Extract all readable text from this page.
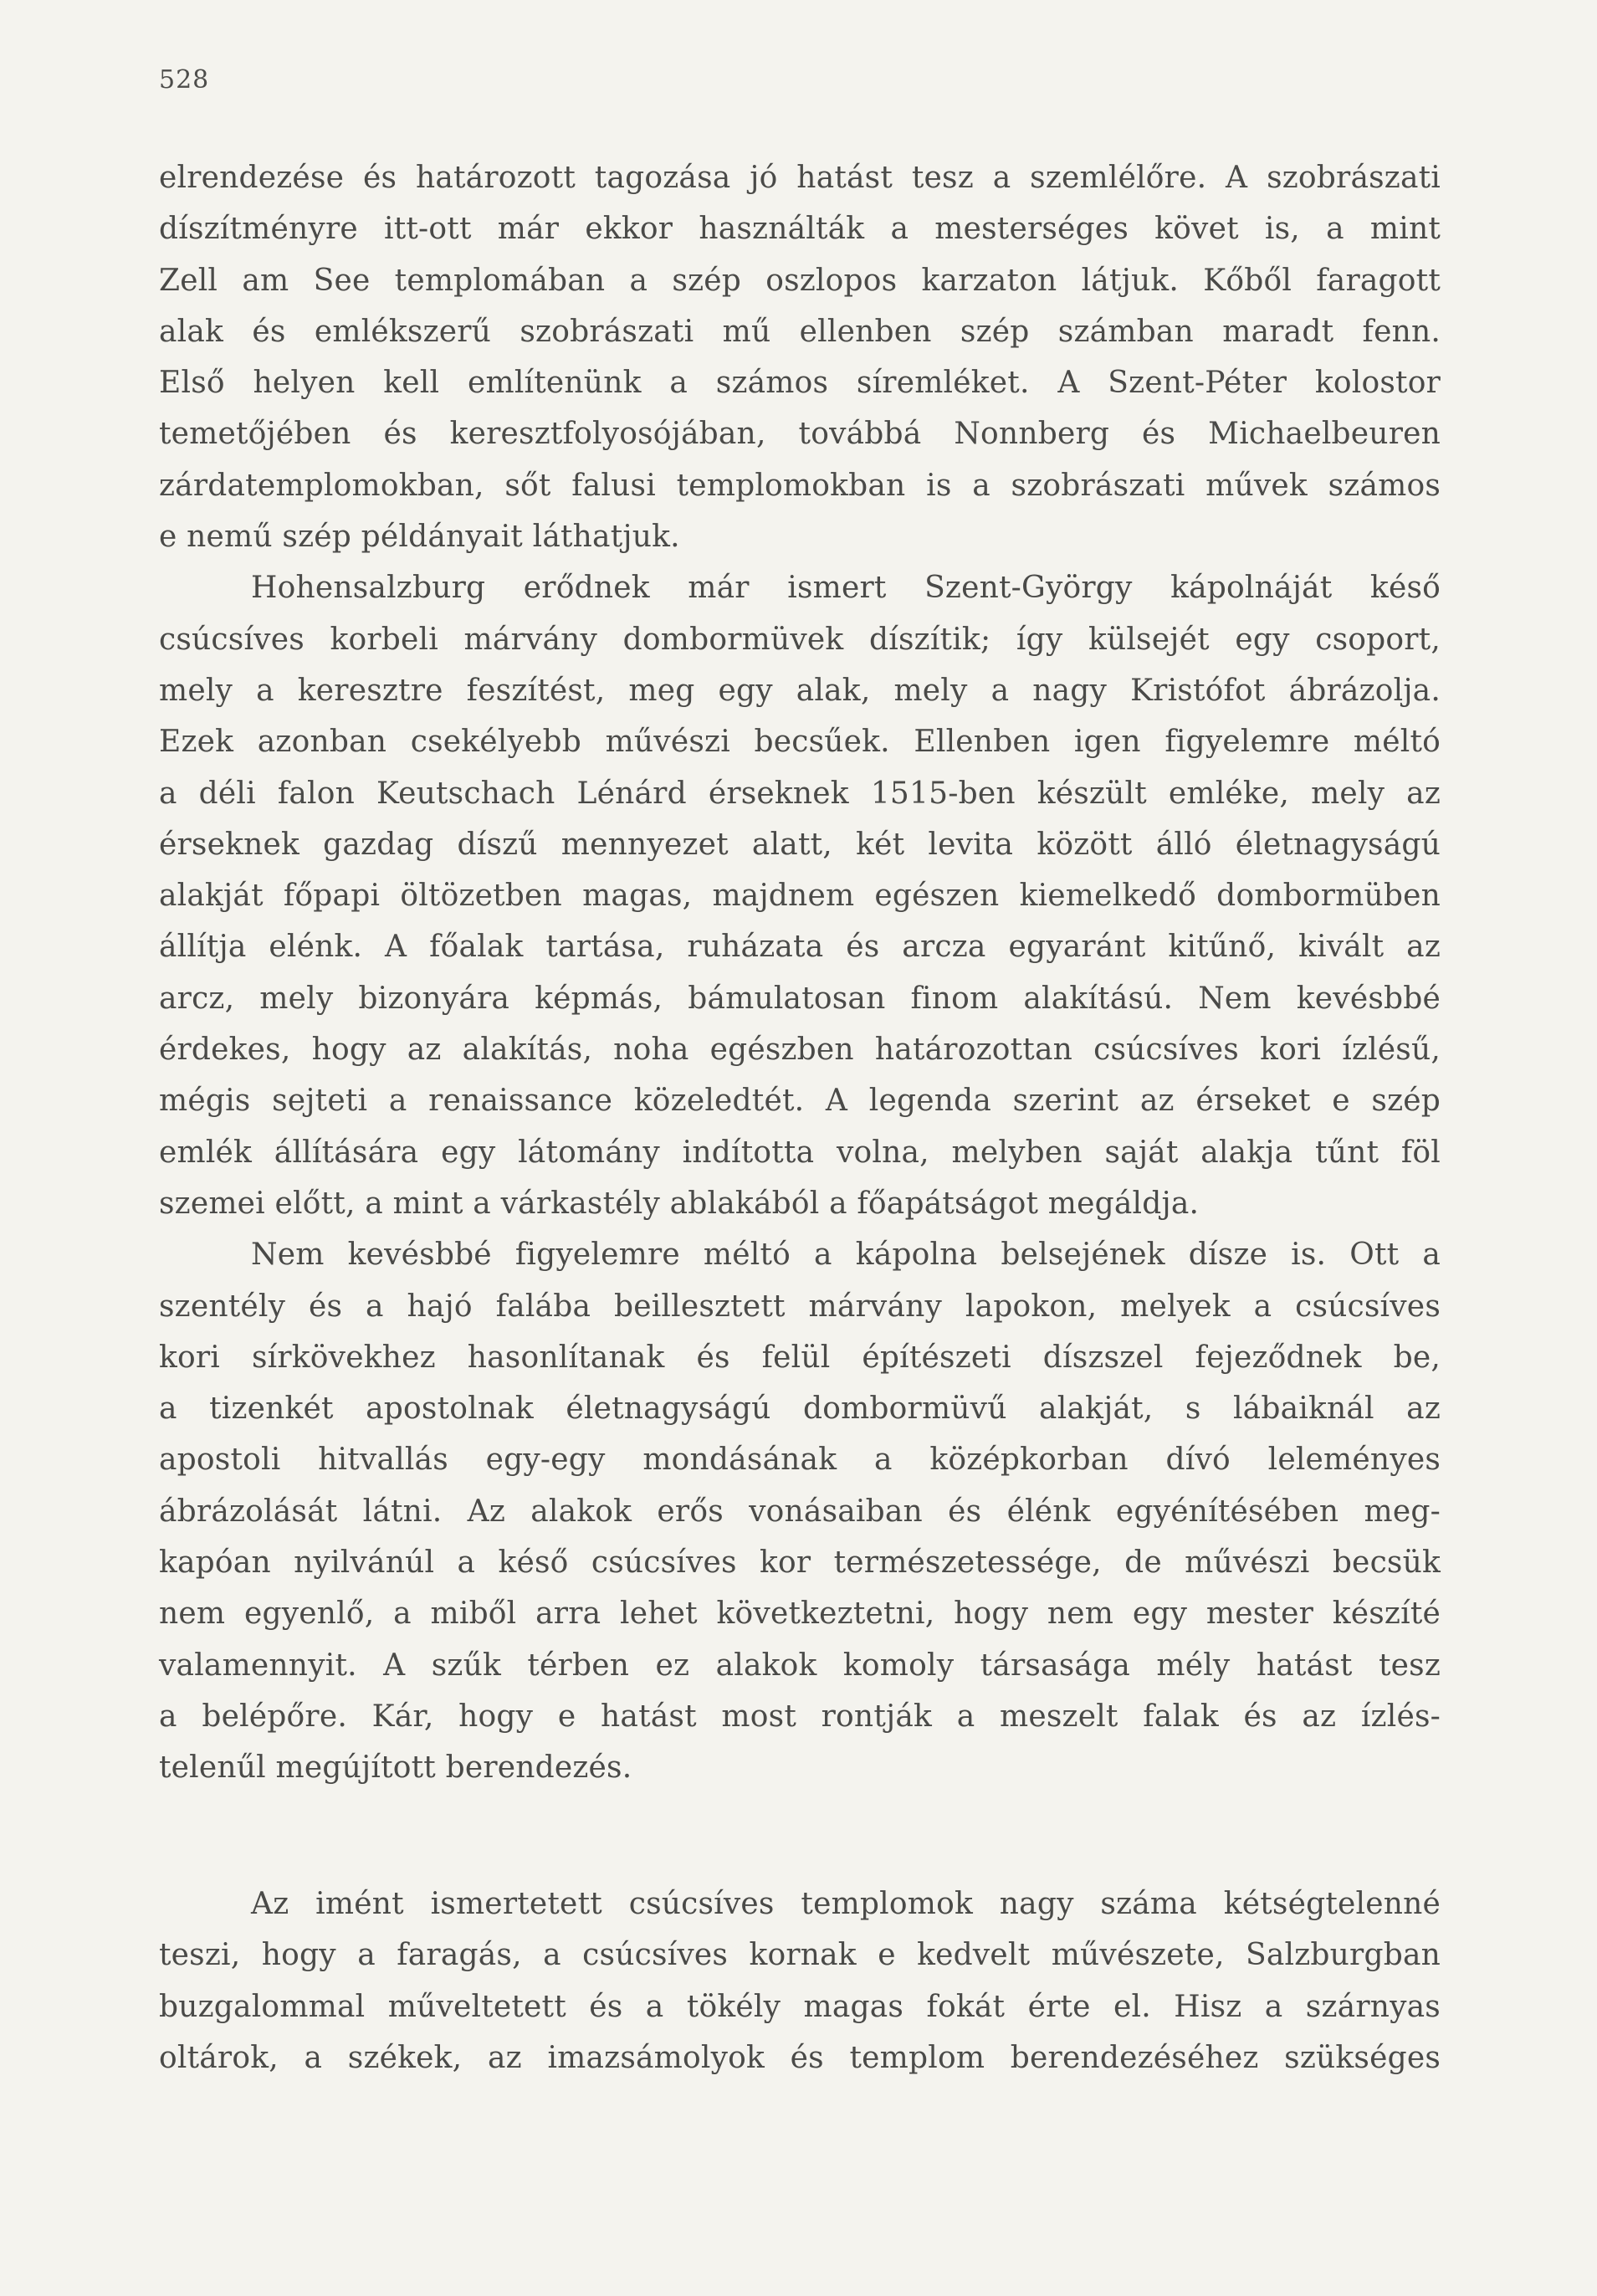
528
elrendezése és határozott tagozása jó hatást tesz a szemlélőre. A szobrászati
díszítményre itt-ott már ekkor használták a mesterséges követ is, a mint
Zell am See templomában a szép oszlopos karzaton látjuk. Kőből faragott
alak és emlékszerű szobrászati mű ellenben szép számban maradt fenn.
Első helyen kell említenünk a számos síremléket. A Szent-Péter kolostor
temetőjében és keresztfolyosójában, továbbá Nonnberg és Michaelbeuren
zárdatemplomokban, sőt falusi templomokban is a szobrászati művek számos
e nemű szép példányait láthatjuk.
Hohensalzburg erődnek már ismert Szent-György kápolnáját késő
csúcsíves korbeli márvány dombormüvek díszítik; így külsejét egy csoport,
mely a keresztre feszítést, meg egy alak, mely a nagy Kristófot ábrázolja.
Ezek azonban csekélyebb művészi becsűek. Ellenben igen figyelemre méltó
a déli falon Keutschach Lénárd érseknek 1515-ben készült emléke, mely az
érseknek gazdag díszű mennyezet alatt, két levita között álló életnagyságú
alakját főpapi öltözetben magas, majdnem egészen kiemelkedő dombormüben
állítja elénk. A főalak tartása, ruházata és arcza egyaránt kitűnő, kivált az
arcz, mely bizonyára képmás, bámulatosan finom alakítású. Nem kevésbbé
érdekes, hogy az alakítás, noha egészben határozottan csúcsíves kori ízlésű,
mégis sejteti a renaissance közeledtét. A legenda szerint az érseket e szép
emlék állítására egy látomány indította volna, melyben saját alakja tűnt föl
szemei előtt, a mint a várkastély ablakából a főapátságot megáldja.
Nem kevésbbé figyelemre méltó a kápolna belsejének dísze is. Ott a
szentély és a hajó falába beillesztett márvány lapokon, melyek a csúcsíves
kori sírkövekhez hasonlítanak és felül építészeti díszszel fejeződnek be,
a tizenkét apostolnak életnagyságú dombormüvű alakját, s lábaiknál az
apostoli hitvallás egy-egy mondásának a középkorban dívó leleményes
ábrázolását látni. Az alakok erős vonásaiban és élénk egyénítésében meg-
kapóan nyilvánúl a késő csúcsíves kor természetessége, de művészi becsük
nem egyenlő, a miből arra lehet következtetni, hogy nem egy mester készíté
valamennyit. A szűk térben ez alakok komoly társasága mély hatást tesz
a belépőre. Kár, hogy e hatást most rontják a meszelt falak és az ízlés-
telenűl megújított berendezés.
Az imént ismertetett csúcsíves templomok nagy száma kétségtelenné
teszi, hogy a faragás, a csúcsíves kornak e kedvelt művészete, Salzburgban
buzgalommal műveltetett és a tökély magas fokát érte el. Hisz a szárnyas
oltárok, a székek, az imazsámolyok és templom berendezéséhez szükséges
